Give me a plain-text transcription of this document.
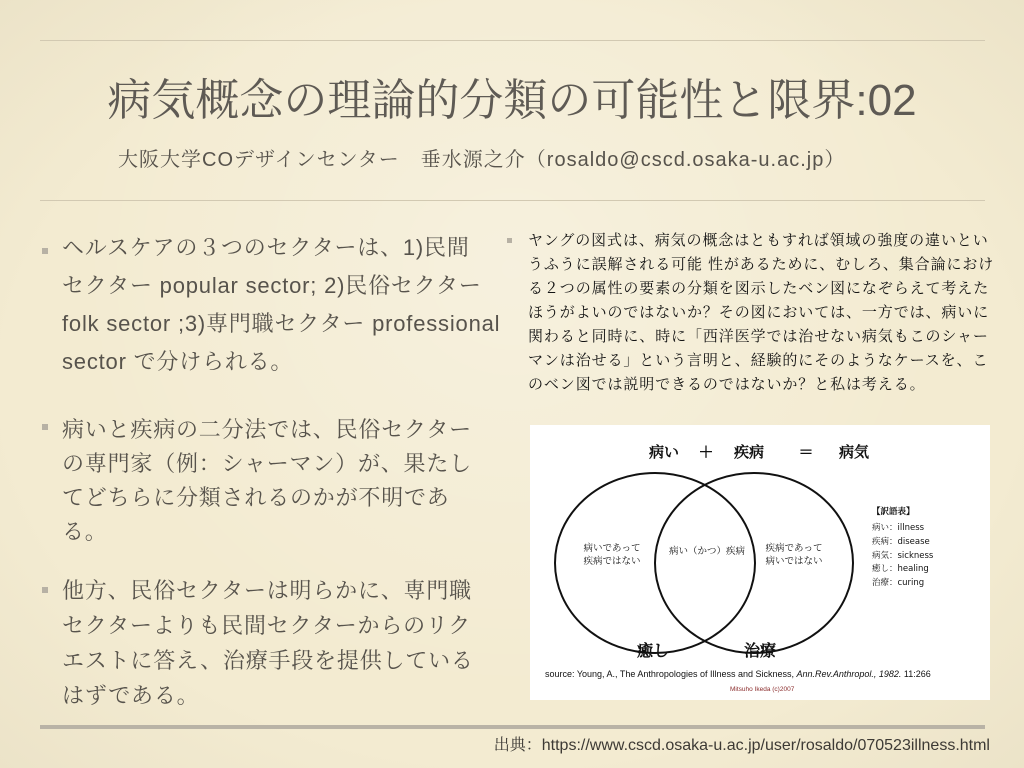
病気概念の理論的分類の可能性と限界:02
大阪大学COデザインセンター　垂水源之介（rosaldo@cscd.osaka-u.ac.jp）
ヘルスケアの３つのセクターは、1)民間
セクター popular sector; 2)民俗セクター
folk sector ;3)専門職セクター professional
sector で分けられる。
病いと疾病の二分法では、民俗セクター
の専門家（例：シャーマン）が、果たし
てどちらに分類されるのかが不明であ
る。
他方、民俗セクターは明らかに、専門職
セクターよりも民間セクターからのリク
エストに答え、治療手段を提供している
はずである。
ヤングの図式は、病気の概念はともすれば領域の強度の違いとい
うふうに誤解される可能 性があるために、むしろ、集合論におけ
る２つの属性の要素の分類を図示したベン図になぞらえて考えた
ほうがよいのではないか？その図においては、一方では、病いに
関わると同時に、時に「西洋医学では治せない病気もこのシャー
マンは治せる」という言明と、経験的にそのようなケースを、こ
のベン図では説明できるのではないか？と私は考える。
病い ＋ 疾病 ＝ 病気
病いであって
疾病ではない
病い（かつ）疾病 疾病であって
病いではない
【訳語表】
病い：illness
疾病：disease
病気：sickness
癒し：healing
治療：curing
癒し	治療
source: Young, A., The Anthropologies of Illness and Sickness, Ann.Rev.Anthropol., 1982. 11:266
Mitsuho Ikeda (c)2007
出典：https://www.cscd.osaka-u.ac.jp/user/rosaldo/070523illness.html
